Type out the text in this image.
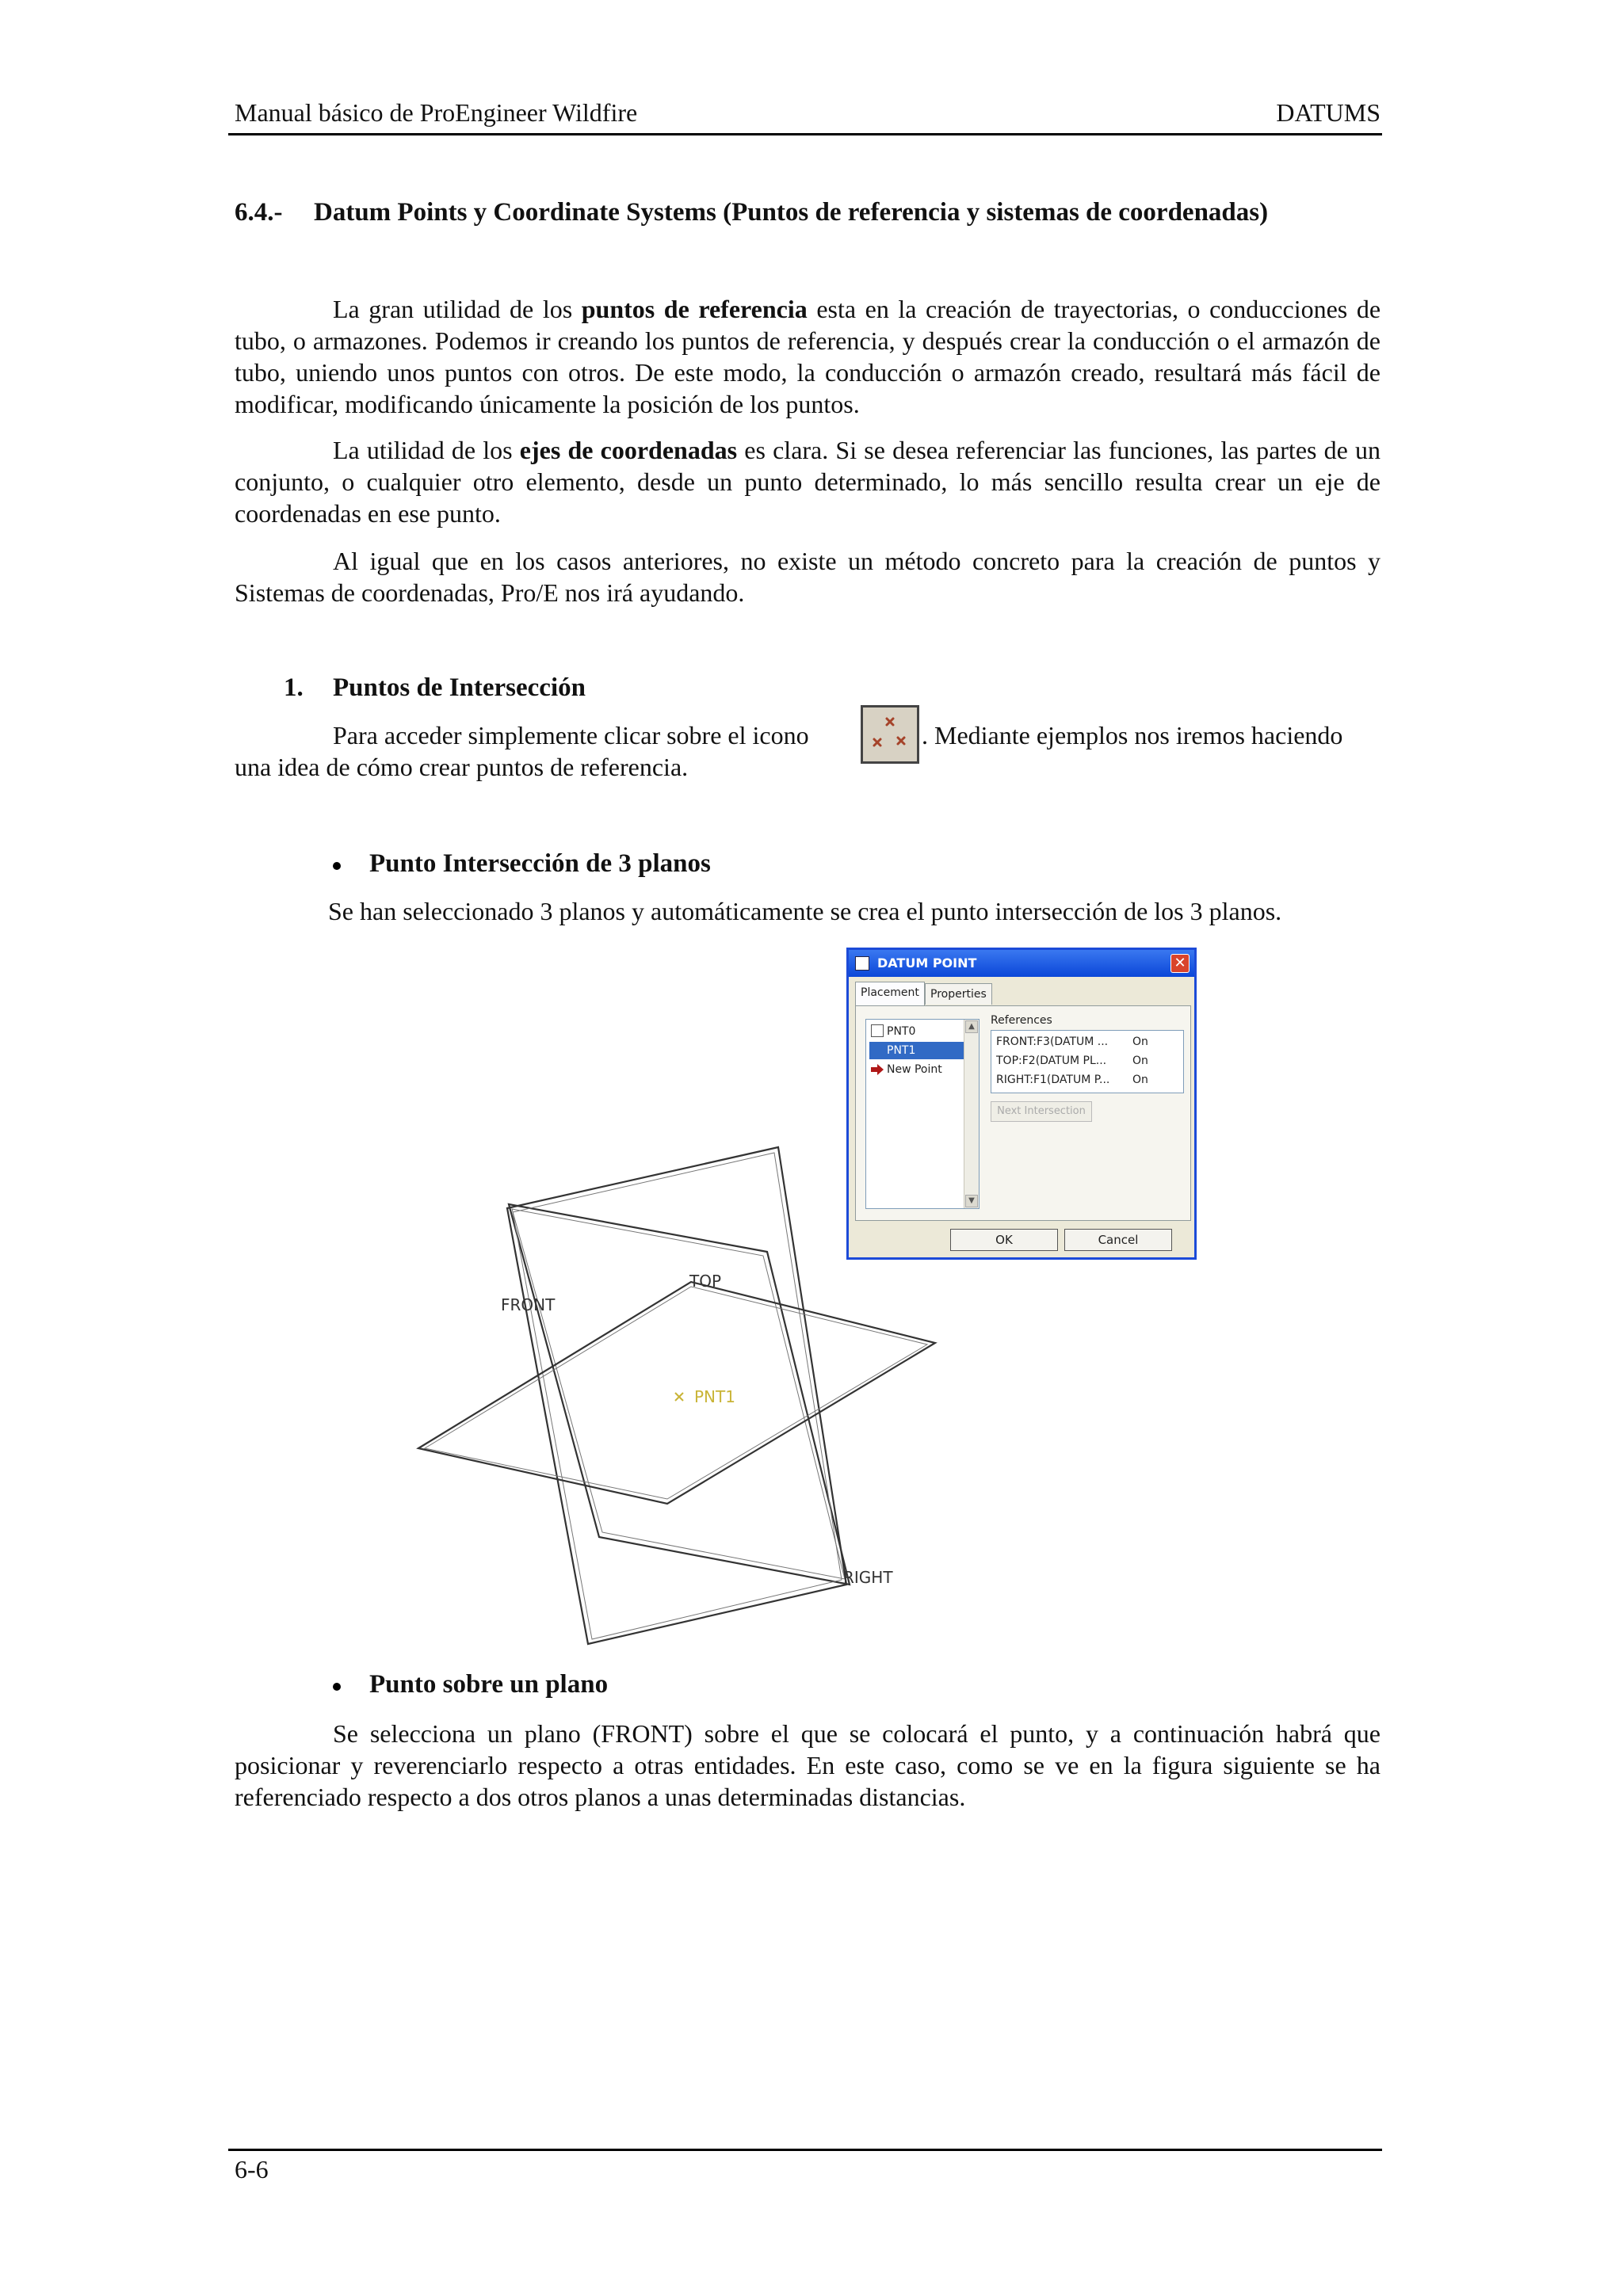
Manual básico de ProEngineer Wildfire	DATUMS
6.4.- Datum Points y Coordinate Systems (Puntos de referencia y sistemas de coordenadas)

La gran utilidad de los puntos de referencia esta en la creación de trayectorias, o conducciones de tubo, o armazones. Podemos ir creando los puntos de referencia, y después crear la conducción o el armazón de tubo, uniendo unos puntos con otros. De este modo, la conducción o armazón creado, resultará más fácil de modificar, modificando únicamente la posición de los puntos.

La utilidad de los ejes de coordenadas es clara. Si se desea referenciar las funciones, las partes de un conjunto, o cualquier otro elemento, desde un punto determinado, lo más sencillo resulta crear un eje de coordenadas en ese punto.

Al igual que en los casos anteriores, no existe un método concreto para la creación de puntos y Sistemas de coordenadas, Pro/E nos irá ayudando.

1. Puntos de Intersección
Para acceder simplemente clicar sobre el icono	. Mediante ejemplos nos iremos haciendo
una idea de cómo crear puntos de referencia.
Punto Intersección de 3 planos
Se han seleccionado 3 planos y automáticamente se crea el punto intersección de los 3 planos.
FRONT
TOP
RIGHT
PNT1
DATUM POINT	✕
Placement	Properties
PNT0
PNT1
New Point
▲
▼
References
FRONT:F3(DATUM ... On
TOP:F2(DATUM PL... On
RIGHT:F1(DATUM P... On
Next Intersection
OK	Cancel
Punto sobre un plano

Se selecciona un plano (FRONT) sobre el que se colocará el punto, y a continuación habrá que posicionar y reverenciarlo respecto a otras entidades. En este caso, como se ve en la figura siguiente se ha referenciado respecto a dos otros planos a unas determinadas distancias.

6-6
